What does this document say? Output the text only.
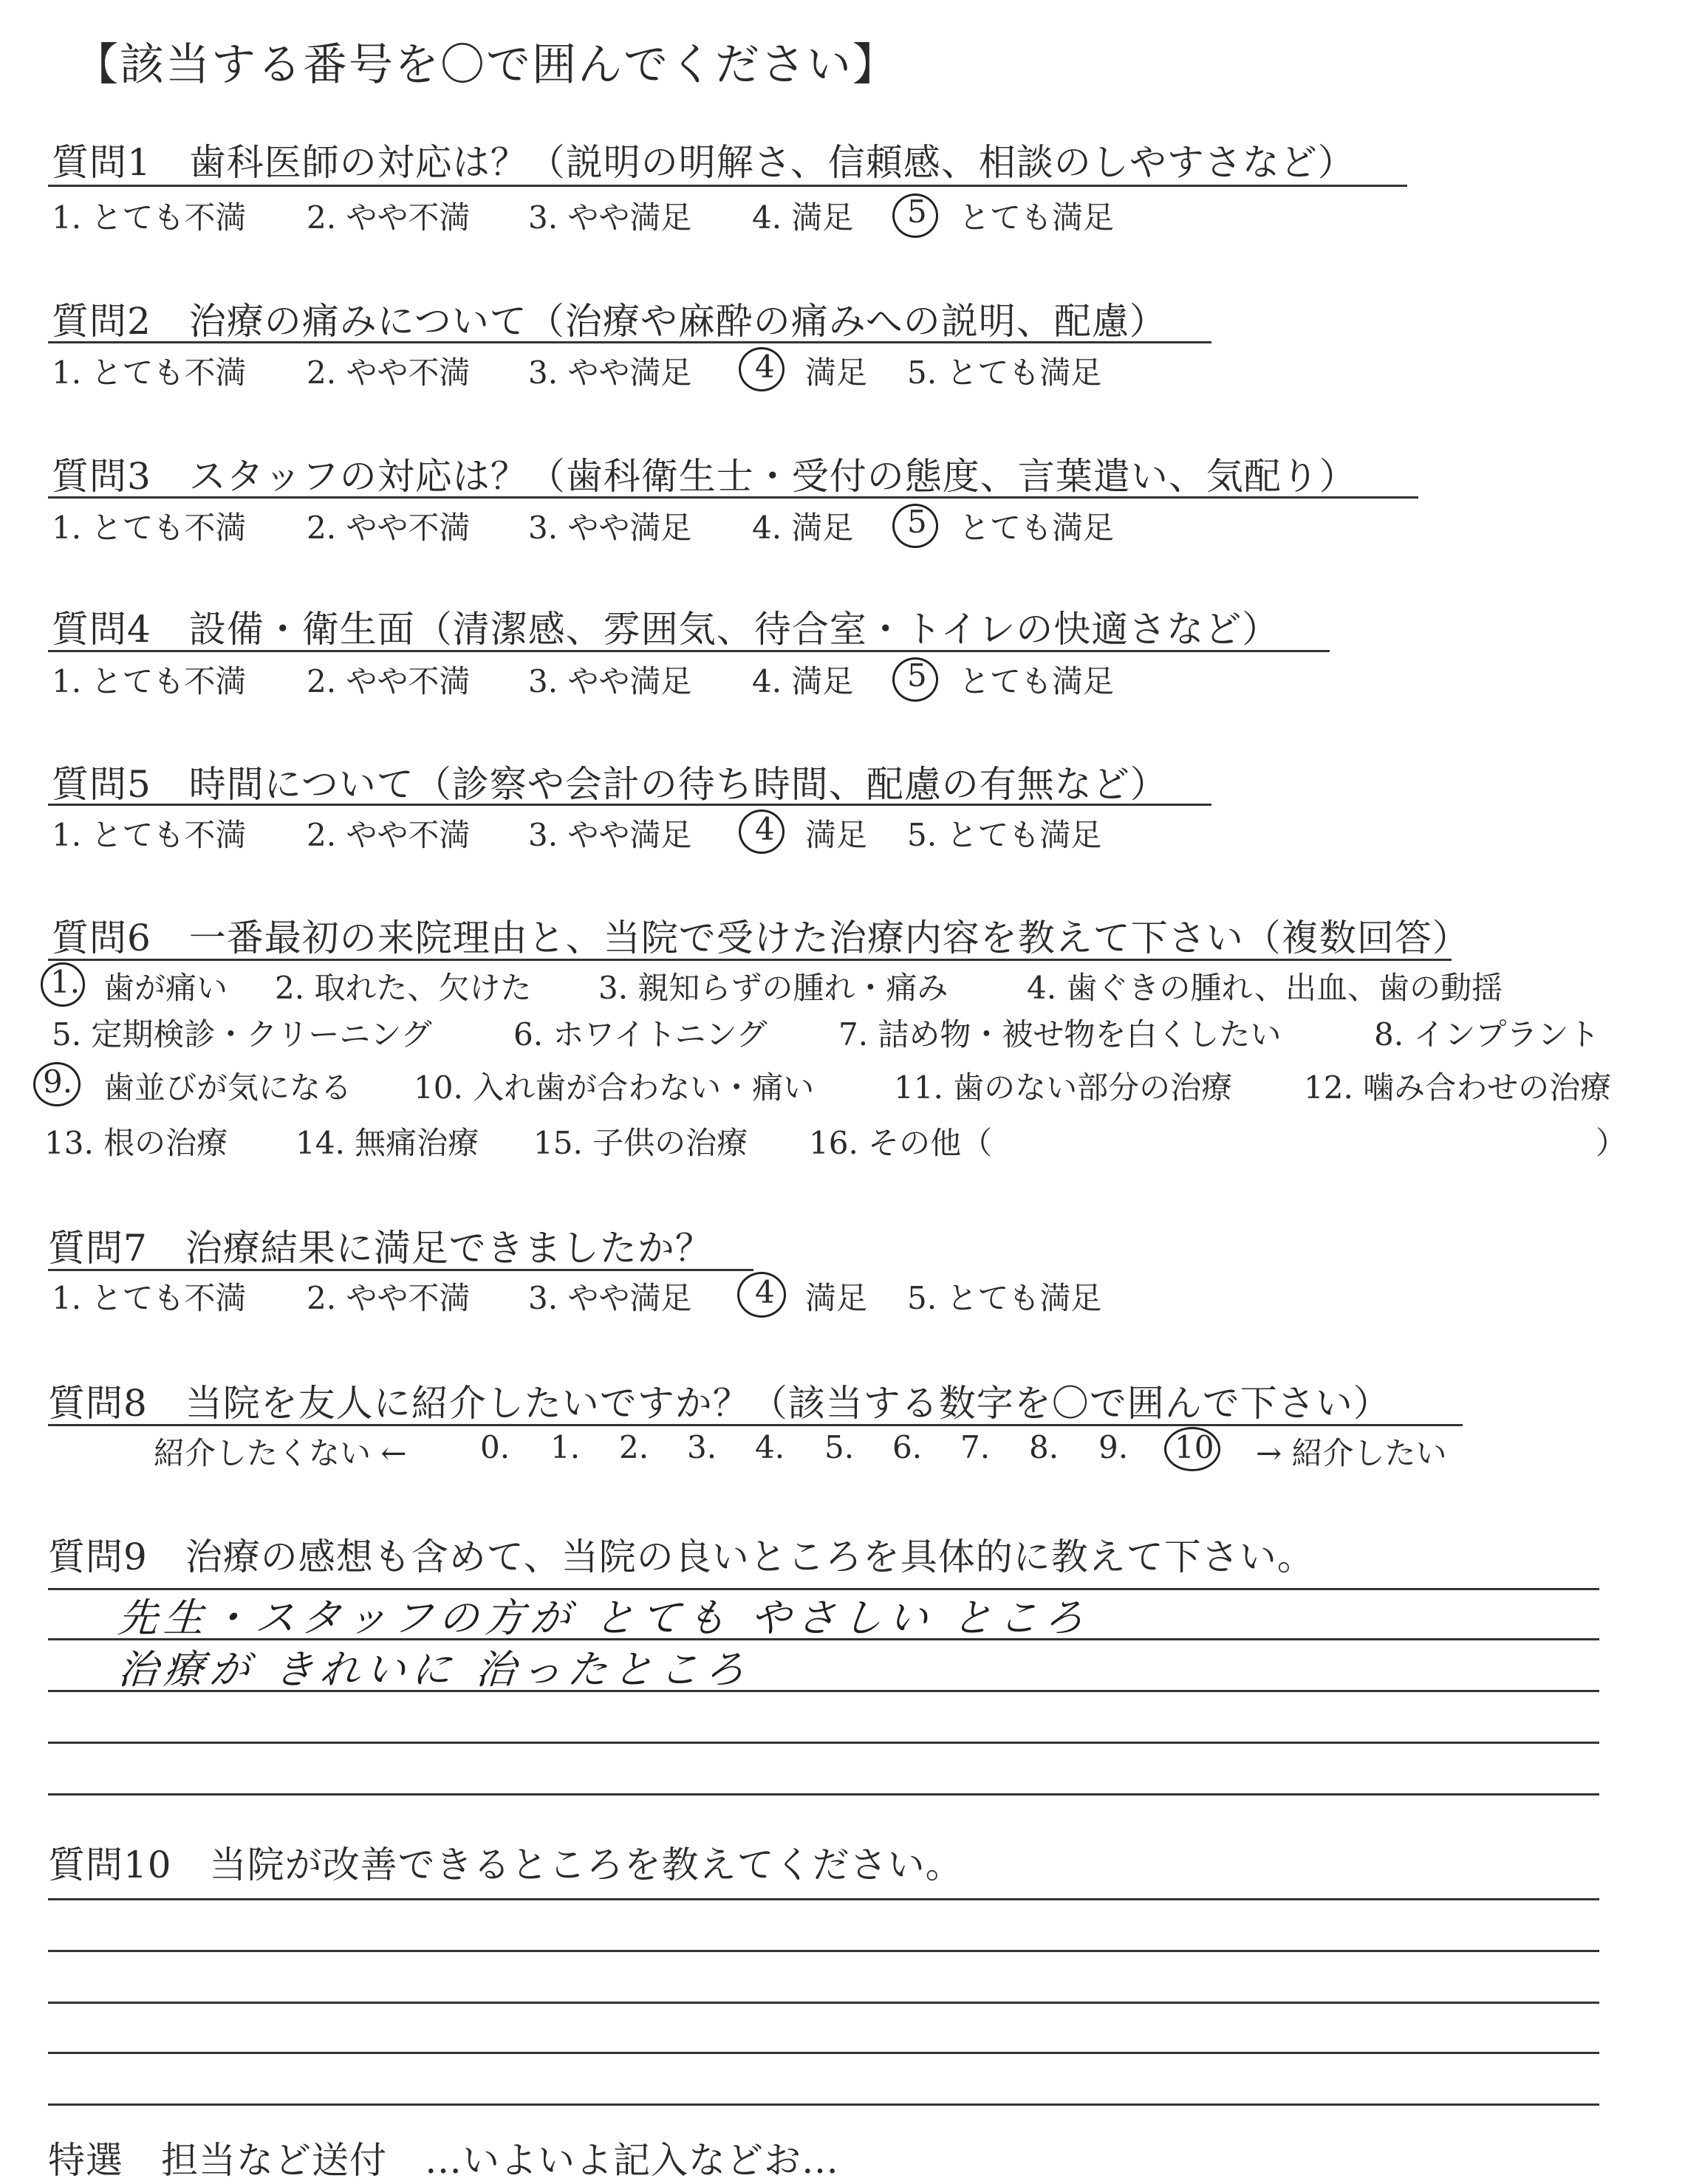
【該当する番号を〇で囲んでください】
質問1　歯科医師の対応は？（説明の明解さ、信頼感、相談のしやすさなど）
1. とても不満 2. やや不満 3. やや満足 4. 満足 5 とても満足
質問2　治療の痛みについて（治療や麻酔の痛みへの説明、配慮）
1. とても不満 2. やや不満 3. やや満足 4 満足 5. とても満足
質問3　スタッフの対応は？（歯科衛生士・受付の態度、言葉遣い、気配り）
1. とても不満 2. やや不満 3. やや満足 4. 満足 5 とても満足
質問4　設備・衛生面（清潔感、雰囲気、待合室・トイレの快適さなど）
1. とても不満 2. やや不満 3. やや満足 4. 満足 5 とても満足
質問5　時間について（診察や会計の待ち時間、配慮の有無など）
1. とても不満 2. やや不満 3. やや満足 4 満足 5. とても満足
質問6　一番最初の来院理由と、当院で受けた治療内容を教えて下さい（複数回答）
1. 歯が痛い 2. 取れた、欠けた 3. 親知らずの腫れ・痛み	4. 歯ぐきの腫れ、出血、歯の動揺
5. 定期検診・クリーニング	6. ホワイトニング 7. 詰め物・被せ物を白くしたい	8. インプラント
9. 歯並びが気になる 10. 入れ歯が合わない・痛い	11. 歯のない部分の治療 12. 噛み合わせの治療
13. 根の治療 14. 無痛治療 15. 子供の治療 16. その他（	）
質問7　治療結果に満足できましたか？
1. とても不満 2. やや不満 3. やや満足 4 満足 5. とても満足
質問8　当院を友人に紹介したいですか？（該当する数字を〇で囲んで下さい）
紹介したくない ← 0. 1. 2. 3. 4. 5. 6. 7. 8. 9. 10 → 紹介したい
質問9　治療の感想も含めて、当院の良いところを具体的に教えて下さい。
先生・スタッフの方が とても やさしい ところ
治療が きれいに 治ったところ
質問10　当院が改善できるところを教えてください。
特選　担当など送付　…いよいよ記入などお…
